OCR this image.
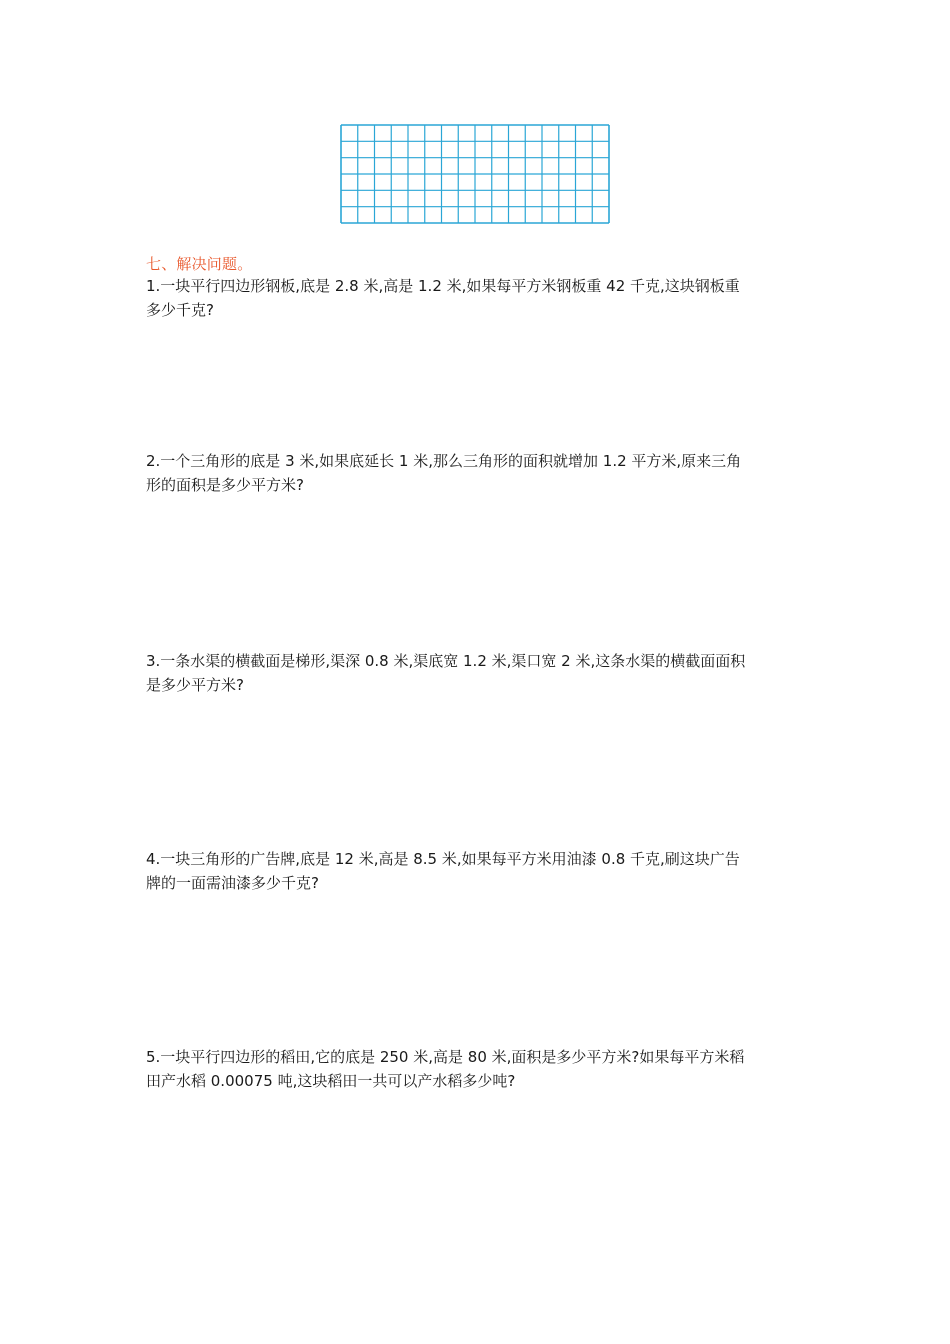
七、解决问题。
1.一块平行四边形钢板,底是 2.8 米,高是 1.2 米,如果每平方米钢板重 42 千克,这块钢板重
多少千克?
2.一个三角形的底是 3 米,如果底延长 1 米,那么三角形的面积就增加 1.2 平方米,原来三角
形的面积是多少平方米?
3.一条水渠的横截面是梯形,渠深 0.8 米,渠底宽 1.2 米,渠口宽 2 米,这条水渠的横截面面积
是多少平方米?
4.一块三角形的广告牌,底是 12 米,高是 8.5 米,如果每平方米用油漆 0.8 千克,刷这块广告
牌的一面需油漆多少千克?
5.一块平行四边形的稻田,它的底是 250 米,高是 80 米,面积是多少平方米?如果每平方米稻
田产水稻 0.00075 吨,这块稻田一共可以产水稻多少吨?
